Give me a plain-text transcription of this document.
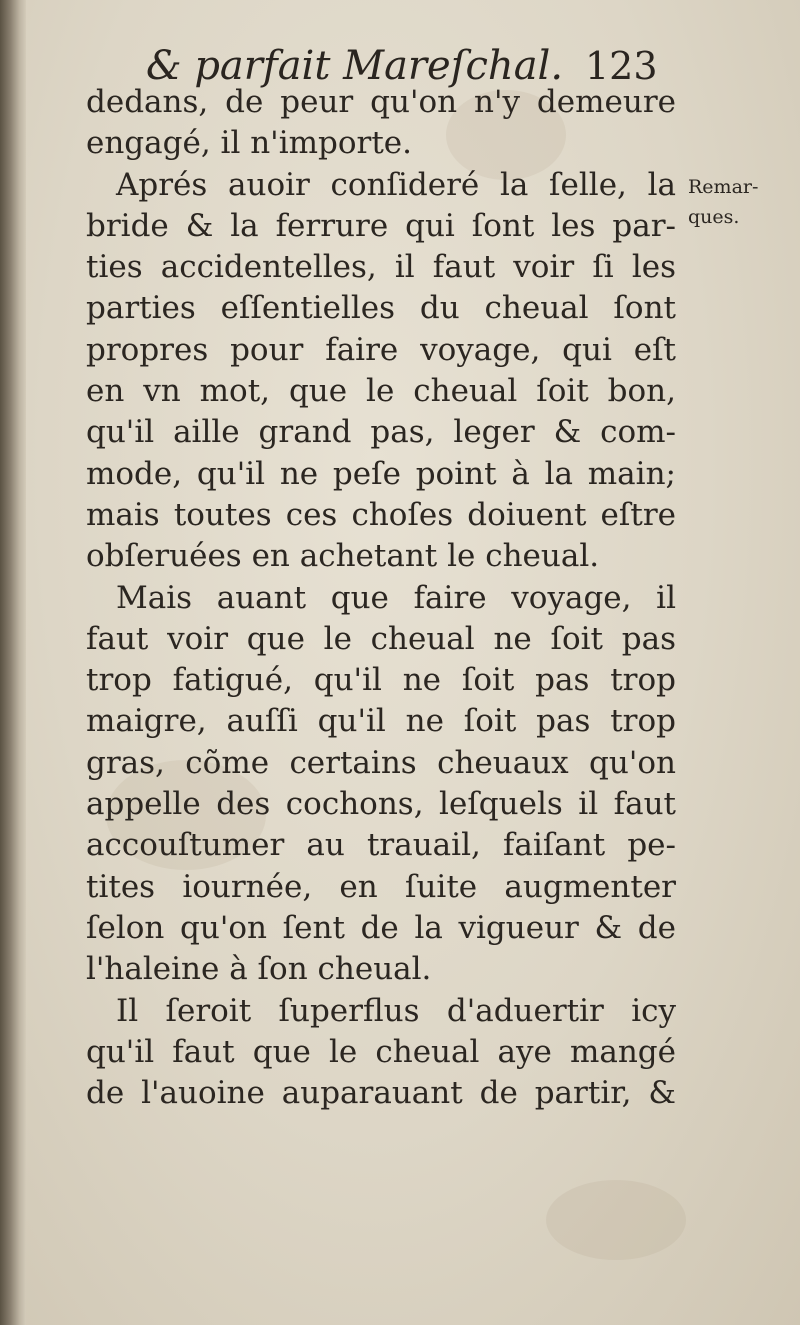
& parfait Mareſchal. 123
dedans, de peur qu'on n'y demeure
engagé, il n'importe.
Aprés auoir conſideré la ſelle, la
bride & la ferrure qui ſont les par-
ties accidentelles, il faut voir ſi les
parties eſſentielles du cheual ſont
propres pour faire voyage, qui eſt
en vn mot, que le cheual ſoit bon,
qu'il aille grand pas, leger & com-
mode, qu'il ne peſe point à la main;
mais toutes ces choſes doiuent eſtre
obſeruées en achetant le cheual.
Mais auant que faire voyage, il
faut voir que le cheual ne ſoit pas
trop fatigué, qu'il ne ſoit pas trop
maigre, auſſi qu'il ne ſoit pas trop
gras, cõme certains cheuaux qu'on
appelle des cochons, leſquels il faut
accouſtumer au trauail, faiſant pe-
tites iournée, en ſuite augmenter
ſelon qu'on ſent de la vigueur & de
l'haleine à ſon cheual.
Il ſeroit ſuperflus d'aduertir icy
qu'il faut que le cheual aye mangé
de l'auoine auparauant de partir, &
Remar-
ques.
